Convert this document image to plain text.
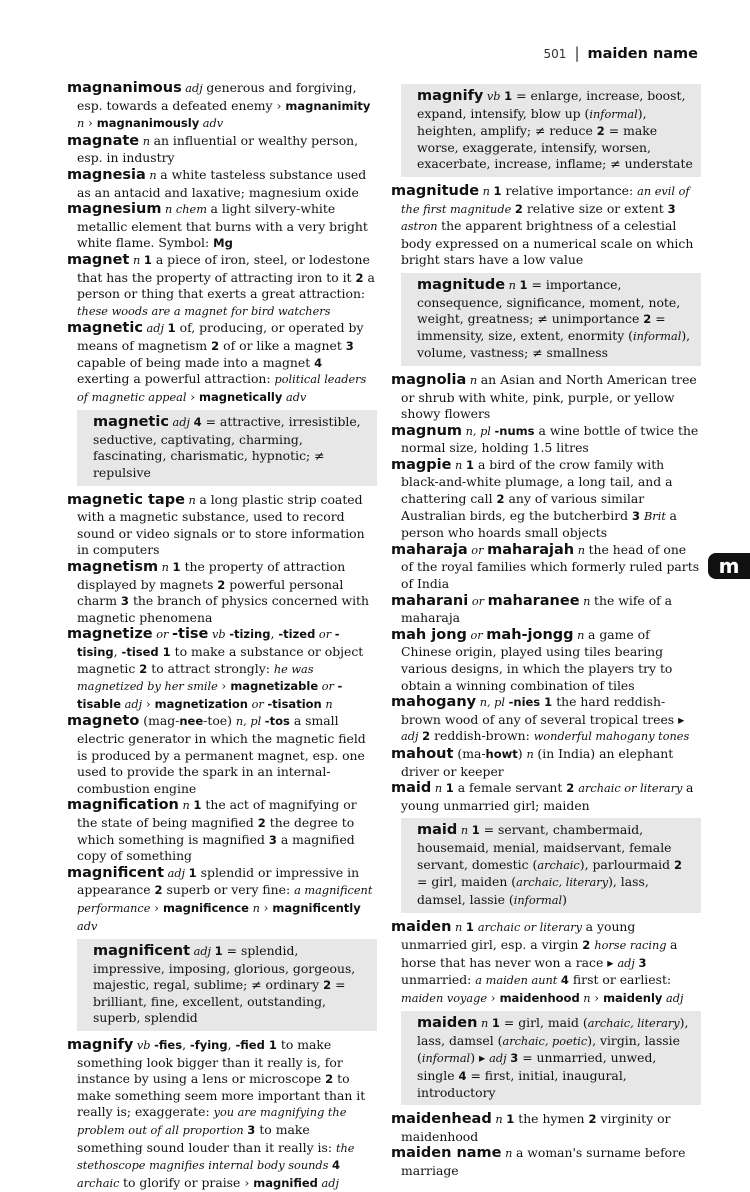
501 | maiden name
m

magnanimous adj generous and forgiving, esp. towards a defeated enemy › magnanimity n › magnanimously adv

magnate n an influential or wealthy person, esp. in industry

magnesia n a white tasteless substance used as an antacid and laxative; magnesium oxide

magnesium n chem a light silvery-white metallic element that burns with a very bright white flame. Symbol: Mg

magnet n 1 a piece of iron, steel, or lodestone that has the property of attracting iron to it 2 a person or thing that exerts a great attraction: these woods are a magnet for bird watchers

magnetic adj 1 of, producing, or operated by means of magnetism 2 of or like a magnet 3 capable of being made into a magnet 4 exerting a powerful attraction: political leaders of magnetic appeal › magnetically adv

magnetic adj 4 = attractive, irresistible, seductive, captivating, charming, fascinating, charismatic, hypnotic; ≠ repulsive

magnetic tape n a long plastic strip coated with a magnetic substance, used to record sound or video signals or to store information in computers

magnetism n 1 the property of attraction displayed by magnets 2 powerful personal charm 3 the branch of physics concerned with magnetic phenomena

magnetize or -tise vb -tizing, -tized or -tising, -tised 1 to make a substance or object magnetic 2 to attract strongly: he was magnetized by her smile › magnetizable or -tisable adj › magnetization or -tisation n

magneto (mag-nee-toe) n, pl -tos a small electric generator in which the magnetic field is produced by a permanent magnet, esp. one used to provide the spark in an internal-combustion engine

magnification n 1 the act of magnifying or the state of being magnified 2 the degree to which something is magnified 3 a magnified copy of something

magnificent adj 1 splendid or impressive in appearance 2 superb or very fine: a magnificent performance › magnificence n › magnificently adv

magnificent adj 1 = splendid, impressive, imposing, glorious, gorgeous, majestic, regal, sublime; ≠ ordinary 2 = brilliant, fine, excellent, outstanding, superb, splendid

magnify vb -fies, -fying, -fied 1 to make something look bigger than it really is, for instance by using a lens or microscope 2 to make something seem more important than it really is; exaggerate: you are magnifying the problem out of all proportion 3 to make something sound louder than it really is: the stethoscope magnifies internal body sounds 4 archaic to glorify or praise › magnified adj

magnify vb 1 = enlarge, increase, boost, expand, intensify, blow up (informal), heighten, amplify; ≠ reduce 2 = make worse, exaggerate, intensify, worsen, exacerbate, increase, inflame; ≠ understate

magnitude n 1 relative importance: an evil of the first magnitude 2 relative size or extent 3 astron the apparent brightness of a celestial body expressed on a numerical scale on which bright stars have a low value

magnitude n 1 = importance, consequence, significance, moment, note, weight, greatness; ≠ unimportance 2 = immensity, size, extent, enormity (informal), volume, vastness; ≠ smallness

magnolia n an Asian and North American tree or shrub with white, pink, purple, or yellow showy flowers

magnum n, pl -nums a wine bottle of twice the normal size, holding 1.5 litres

magpie n 1 a bird of the crow family with black-and-white plumage, a long tail, and a chattering call 2 any of various similar Australian birds, eg the butcherbird 3 Brit a person who hoards small objects

maharaja or maharajah n the head of one of the royal families which formerly ruled parts of India

maharani or maharanee n the wife of a maharaja

mah jong or mah-jongg n a game of Chinese origin, played using tiles bearing various designs, in which the players try to obtain a winning combination of tiles

mahogany n, pl -nies 1 the hard reddish-brown wood of any of several tropical trees ▸ adj 2 reddish-brown: wonderful mahogany tones

mahout (ma-howt) n (in India) an elephant driver or keeper

maid n 1 a female servant 2 archaic or literary a young unmarried girl; maiden

maid n 1 = servant, chambermaid, housemaid, menial, maidservant, female servant, domestic (archaic), parlourmaid 2 = girl, maiden (archaic, literary), lass, damsel, lassie (informal)

maiden n 1 archaic or literary a young unmarried girl, esp. a virgin 2 horse racing a horse that has never won a race ▸ adj 3 unmarried: a maiden aunt 4 first or earliest: maiden voyage › maidenhood n › maidenly adj

maiden n 1 = girl, maid (archaic, literary), lass, damsel (archaic, poetic), virgin, lassie (informal) ▸ adj 3 = unmarried, unwed, single 4 = first, initial, inaugural, introductory

maidenhead n 1 the hymen 2 virginity or maidenhood

maiden name n a woman's surname before marriage
